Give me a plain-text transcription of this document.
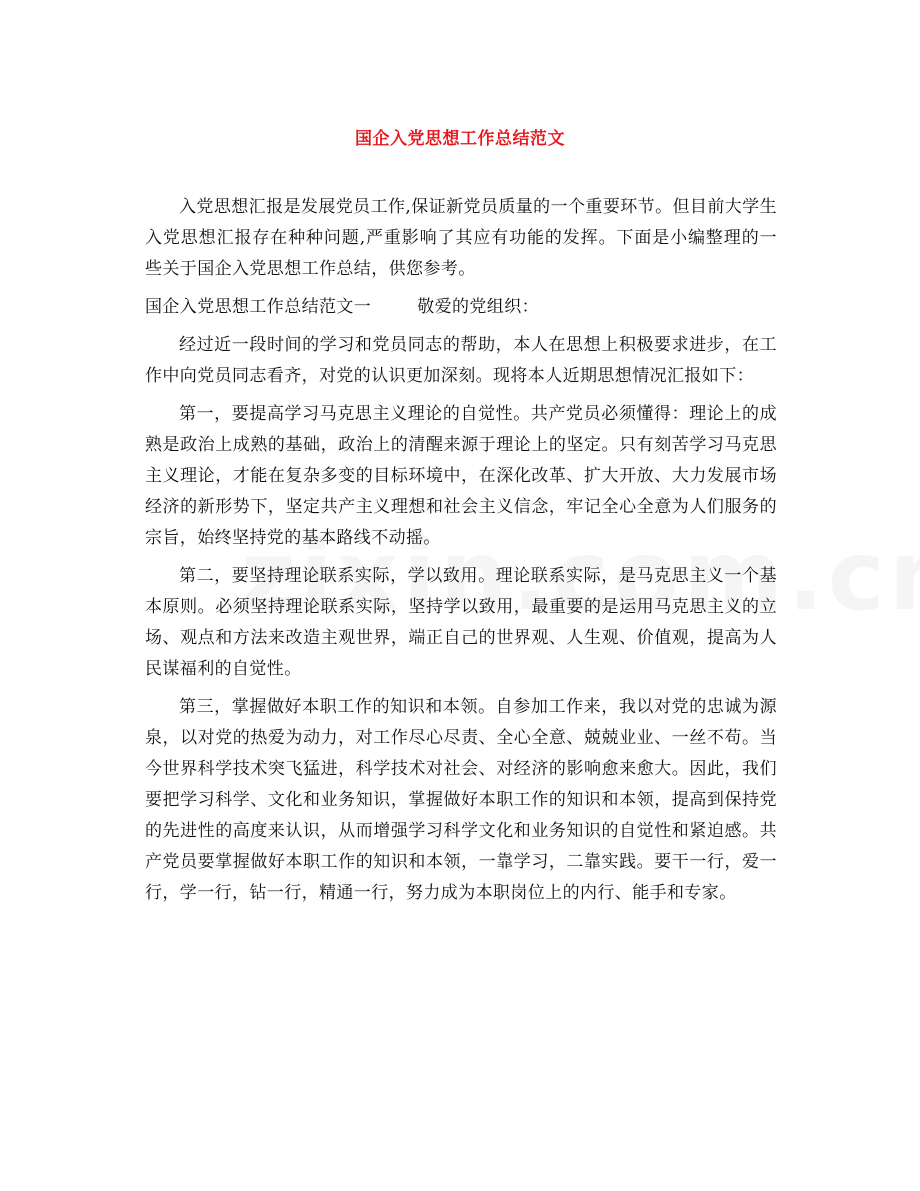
国企入党思想工作总结范文

入党思想汇报是发展党员工作,保证新党员质量的一个重要环节。但目前大学生入党思想汇报存在种种问题,严重影响了其应有功能的发挥。下面是小编整理的一些关于国企入党思想工作总结，供您参考。

国企入党思想工作总结范文一	敬爱的党组织：

经过近一段时间的学习和党员同志的帮助，本人在思想上积极要求进步，在工作中向党员同志看齐，对党的认识更加深刻。现将本人近期思想情况汇报如下：

第一，要提高学习马克思主义理论的自觉性。共产党员必须懂得：理论上的成熟是政治上成熟的基础，政治上的清醒来源于理论上的坚定。只有刻苦学习马克思主义理论，才能在复杂多变的目标环境中，在深化改革、扩大开放、大力发展市场经济的新形势下，坚定共产主义理想和社会主义信念，牢记全心全意为人们服务的宗旨，始终坚持党的基本路线不动摇。

第二，要坚持理论联系实际，学以致用。理论联系实际，是马克思主义一个基本原则。必须坚持理论联系实际，坚持学以致用，最重要的是运用马克思主义的立场、观点和方法来改造主观世界，端正自己的世界观、人生观、价值观，提高为人民谋福利的自觉性。

第三，掌握做好本职工作的知识和本领。自参加工作来，我以对党的忠诚为源泉，以对党的热爱为动力，对工作尽心尽责、全心全意、兢兢业业、一丝不苟。当今世界科学技术突飞猛进，科学技术对社会、对经济的影响愈来愈大。因此，我们要把学习科学、文化和业务知识，掌握做好本职工作的知识和本领，提高到保持党的先进性的高度来认识，从而增强学习科学文化和业务知识的自觉性和紧迫感。共产党员要掌握做好本职工作的知识和本领，一靠学习，二靠实践。要干一行，爱一行，学一行，钻一行，精通一行，努力成为本职岗位上的内行、能手和专家。
